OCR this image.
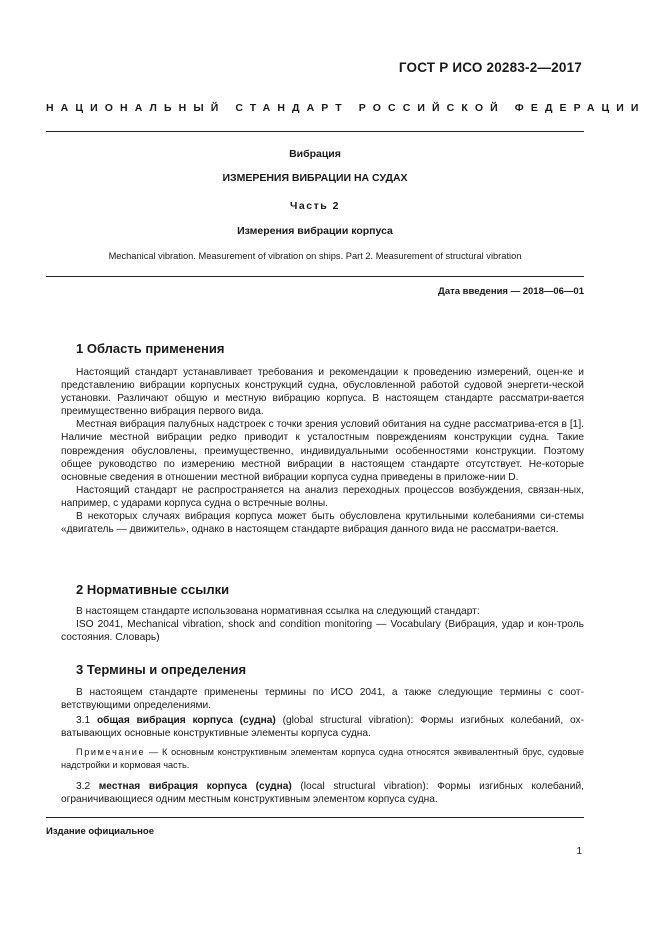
ГОСТ Р ИСО 20283-2—2017
НАЦИОНАЛЬНЫЙ СТАНДАРТ РОССИЙСКОЙ ФЕДЕРАЦИИ
Вибрация
ИЗМЕРЕНИЯ ВИБРАЦИИ НА СУДАХ
Часть 2
Измерения вибрации корпуса
Mechanical vibration. Measurement of vibration on ships. Part 2. Measurement of structural vibration
Дата введения — 2018—06—01
1 Область применения
Настоящий стандарт устанавливает требования и рекомендации к проведению измерений, оцен-ке и представлению вибрации корпусных конструкций судна, обусловленной работой судовой энергети-ческой установки. Различают общую и местную вибрацию корпуса. В настоящем стандарте рассматри-вается преимущественно вибрация первого вида.
Местная вибрация палубных надстроек с точки зрения условий обитания на судне рассматрива-ется в [1]. Наличие местной вибрации редко приводит к усталостным повреждениям конструкции судна. Такие повреждения обусловлены, преимущественно, индивидуальными особенностями конструкции. Поэтому общее руководство по измерению местной вибрации в настоящем стандарте отсутствует. Не-которые основные сведения в отношении местной вибрации корпуса судна приведены в приложе-нии D.
Настоящий стандарт не распространяется на анализ переходных процессов возбуждения, связан-ных, например, с ударами корпуса судна о встречные волны.
В некоторых случаях вибрация корпуса может быть обусловлена крутильными колебаниями си-стемы «двигатель — движитель», однако в настоящем стандарте вибрация данного вида не рассматри-вается.
2 Нормативные ссылки
В настоящем стандарте использована нормативная ссылка на следующий стандарт:
ISO 2041, Mechanical vibration, shock and condition monitoring — Vocabulary (Вибрация, удар и кон-троль состояния. Словарь)
3 Термины и определения
В настоящем стандарте применены термины по ИСО 2041, а также следующие термины с соот-ветствующими определениями.
3.1 общая вибрация корпуса (судна) (global structural vibration): Формы изгибных колебаний, ох-ватывающих основные конструктивные элементы корпуса судна.
Примечание — К основным конструктивным элементам корпуса судна относятся эквивалентный брус, судовые надстройки и кормовая часть.
3.2 местная вибрация корпуса (судна) (local structural vibration): Формы изгибных колебаний, ограничивающиеся одним местным конструктивным элементом корпуса судна.
Издание официальное
1
